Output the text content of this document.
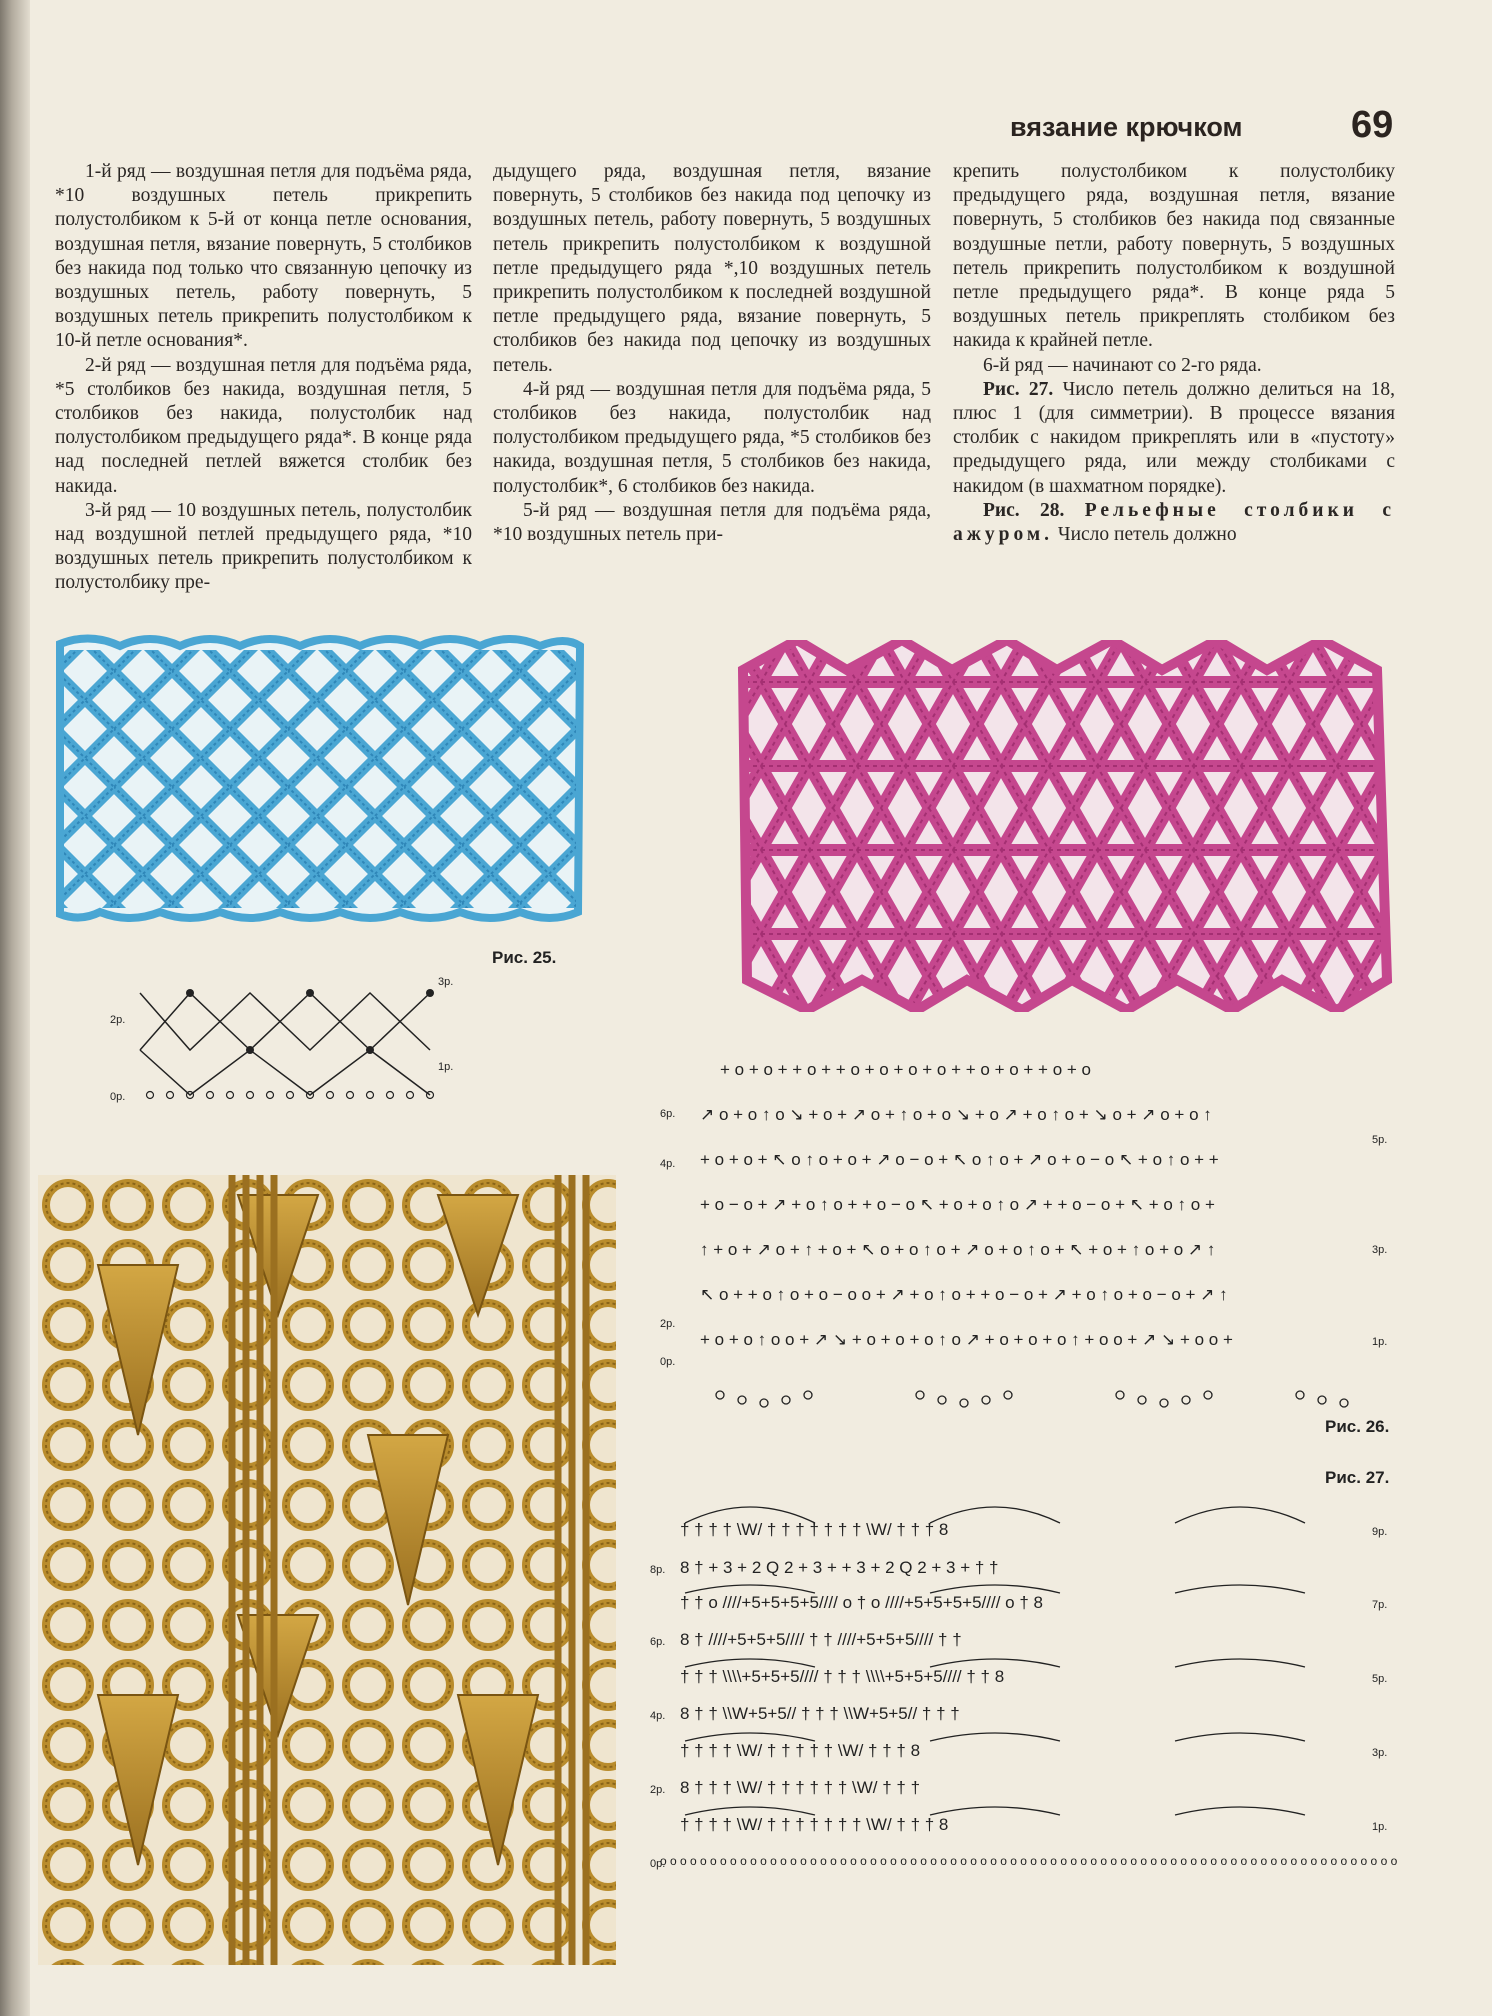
вязание крючком	69

1-й ряд — воздушная петля для подъёма ряда, *10 воздушных петель прикрепить полустолбиком к 5-й от конца петле основания, воздушная петля, вязание повернуть, 5 столбиков без накида под только что связанную цепочку из воздушных петель, работу повернуть, 5 воздушных петель прикрепить полустолбиком к 10-й петле основания*.

2-й ряд — воздушная петля для подъёма ряда, *5 столбиков без накида, воздушная петля, 5 столбиков без накида, полустолбик над полустолбиком предыдущего ряда*. В конце ряда над последней петлей вяжется столбик без накида.

3-й ряд — 10 воздушных петель, полустолбик над воздушной петлей предыдущего ряда, *10 воздушных петель прикрепить полустолбиком к полустолбику пре-

дыдущего ряда, воздушная петля, вязание повернуть, 5 столбиков без накида под цепочку из воздушных петель, работу повернуть, 5 воздушных петель прикрепить полустолбиком к воздушной петле предыдущего ряда *,10 воздушных петель прикрепить полустолбиком к последней воздушной петле предыдущего ряда, вязание повернуть, 5 столбиков без накида под цепочку из воздушных петель.

4-й ряд — воздушная петля для подъёма ряда, 5 столбиков без накида, полустолбик над полустолбиком предыдущего ряда, *5 столбиков без накида, воздушная петля, 5 столбиков без накида, полустолбик*, 6 столбиков без накида.

5-й ряд — воздушная петля для подъёма ряда, *10 воздушных петель при-

крепить полустолбиком к полустолбику предыдущего ряда, воздушная петля, вязание повернуть, 5 столбиков без накида под связанные воздушные петли, работу повернуть, 5 воздушных петель прикрепить полустолбиком к воздушной петле предыдущего ряда*. В конце ряда 5 воздушных петель прикреплять столбиком без накида к крайней петле.

6-й ряд — начинают со 2-го ряда.

Рис. 27. Число петель должно делиться на 18, плюс 1 (для симметрии). В процессе вязания столбик с накидом прикреплять или в «пустоту» предыдущего ряда, или между столбиками с накидом (в шахматном порядке).

Рис. 28. Рельефные столбики с ажуром. Число петель должно

Рис. 25.
3р.
2р.
1р.
0р.
+ o + o ↑ o o + ↗ ↘ + o + o + o ↑ o ↗ + o + o + o ↑ + o o + ↗ ↘ + o o +
↖ o + + o ↑ o + o − o o + ↗ + o ↑ o + + o − o + ↗ + o ↑ o + o − o + ↗ ↑
↑ + o + ↗ o + ↑ + o + ↖ o + o ↑ o + ↗ o + o ↑ o + ↖ + o + ↑ o + o ↗ ↑
+ o − o + ↗ + o ↑ o + + o − o ↖ + o + o ↑ o ↗ + + o − o + ↖ + o ↑ o +
+ o + o + ↖ o ↑ o + o + ↗ o − o + ↖ o ↑ o + ↗ o + o − o ↖ + o ↑ o + +
↗ o + o ↑ o ↘ + o + ↗ o + ↑ o + o ↘ + o ↗ + o ↑ o + ↘ o + ↗ o + o ↑
+ o + o + + o + + o + o + o + o + + o + o + + o + o
6р.
5р.
4р.
3р.
2р.
1р.
0р.
Рис. 26.
Рис. 27.
† † † † \W/ † † † † † † † \W/ † † † 8
8 † + 3 + 2 Q 2 + 3 + + 3 + 2 Q 2 + 3 + † †
† † o ////+5+5+5+5//// o † o ////+5+5+5+5//// o † 8
8 † ////+5+5+5//// † † ////+5+5+5//// † †
† † † \\\\+5+5+5//// † † † \\\\+5+5+5//// † † 8
8 † † \\W+5+5// † † † \\W+5+5// † † †
† † † † \W/ † † † † † \W/ † † † 8
8 † † † \W/ † † † † † † \W/ † † †
† † † † \W/ † † † † † † † \W/ † † † 8
o o o o o o o o o o o o o o o o o o o o o o o o o o o o o o o o o o o o o o o o o o o o o o o o o o o o o o o o o o o o o o o o o o o o o o o o o o o o o o o o o o
9р.
8р.
7р.
6р.
5р.
4р.
3р.
2р.
1р.
0р.
